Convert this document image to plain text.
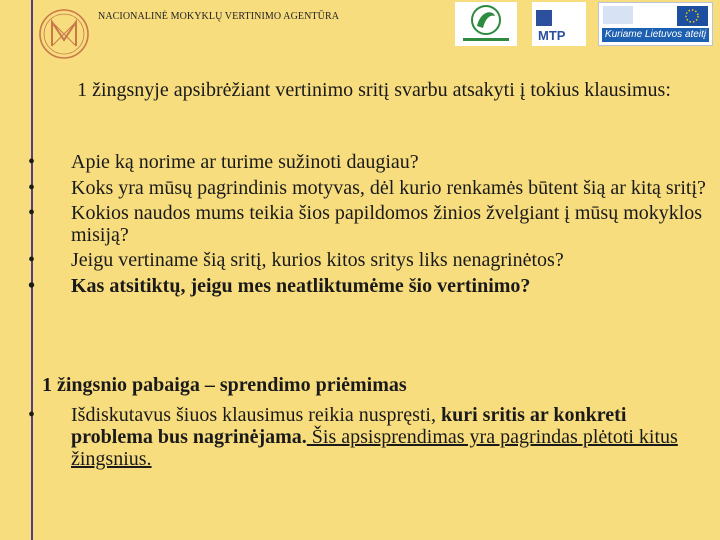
NACIONALINĖ MOKYKLŲ VERTINIMO AGENTŪRA
MTP	Kuriame Lietuvos ateitį
1 žingsnyje apsibrėžiant vertinimo sritį svarbu atsakyti į tokius klausimus:
• Apie ką norime ar turime sužinoti daugiau?
• Koks yra mūsų pagrindinis motyvas, dėl kurio renkamės būtent šią ar kitą sritį?
• Kokios naudos mums teikia šios papildomos žinios žvelgiant į mūsų mokyklos misiją?
• Jeigu vertiname šią sritį, kurios kitos sritys liks nenagrinėtos?
• Kas atsitiktų, jeigu mes neatliktumėme šio vertinimo?
1 žingsnio pabaiga – sprendimo priėmimas
• Išdiskutavus šiuos klausimus reikia nuspręsti, kuri sritis ar konkreti problema bus nagrinėjama. Šis apsisprendimas yra pagrindas plėtoti kitus žingsnius.
